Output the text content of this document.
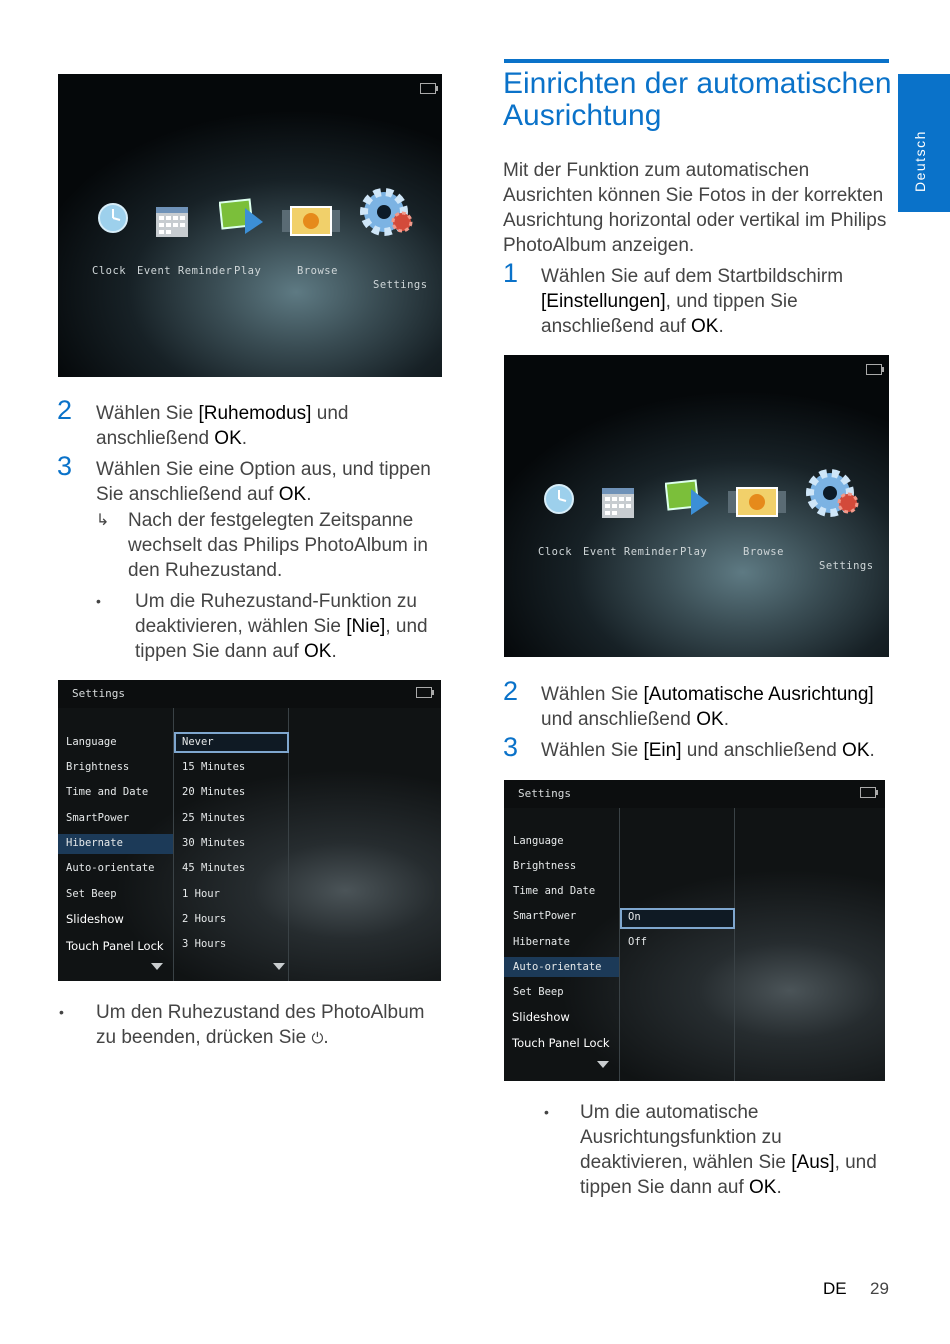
Deutsch
Einrichten der automatischen Ausrichtung
Mit der Funktion zum automatischen Ausrichten können Sie Fotos in der korrekten Ausrichtung horizontal oder vertikal im Philips PhotoAlbum anzeigen.
1 Wählen Sie auf dem Startbildschirm
[Einstellungen], und tippen Sie
anschließend auf OK.
Clock Event Reminder Play	Browse
Settings
Clock Event Reminder Play	Browse
Settings
2 Wählen Sie [Ruhemodus] und
anschließend OK.
3 Wählen Sie eine Option aus, und tippen
Sie anschließend auf OK.
↳ Nach der festgelegten Zeitspanne
wechselt das Philips PhotoAlbum in
den Ruhezustand.
• Um die Ruhezustand-Funktion zu
deaktivieren, wählen Sie [Nie], und
tippen Sie dann auf OK.
Settings
Language
Brightness
Time and Date
SmartPower
Hibernate
Auto-orientate
Set Beep
Slideshow
Touch Panel Lock
Never
15 Minutes
20 Minutes
25 Minutes
30 Minutes
45 Minutes
1 Hour
2 Hours
3 Hours
• Um den Ruhezustand des PhotoAlbum
zu beenden, drücken Sie ⏻.
2 Wählen Sie [Automatische Ausrichtung]
und anschließend OK.
3 Wählen Sie [Ein] und anschließend OK.
Settings
Language
Brightness
Time and Date
SmartPower
Hibernate
Auto-orientate
Set Beep
Slideshow
Touch Panel Lock
On
Off
• Um die automatische
Ausrichtungsfunktion zu
deaktivieren, wählen Sie [Aus], und
tippen Sie dann auf OK.
DE 29
